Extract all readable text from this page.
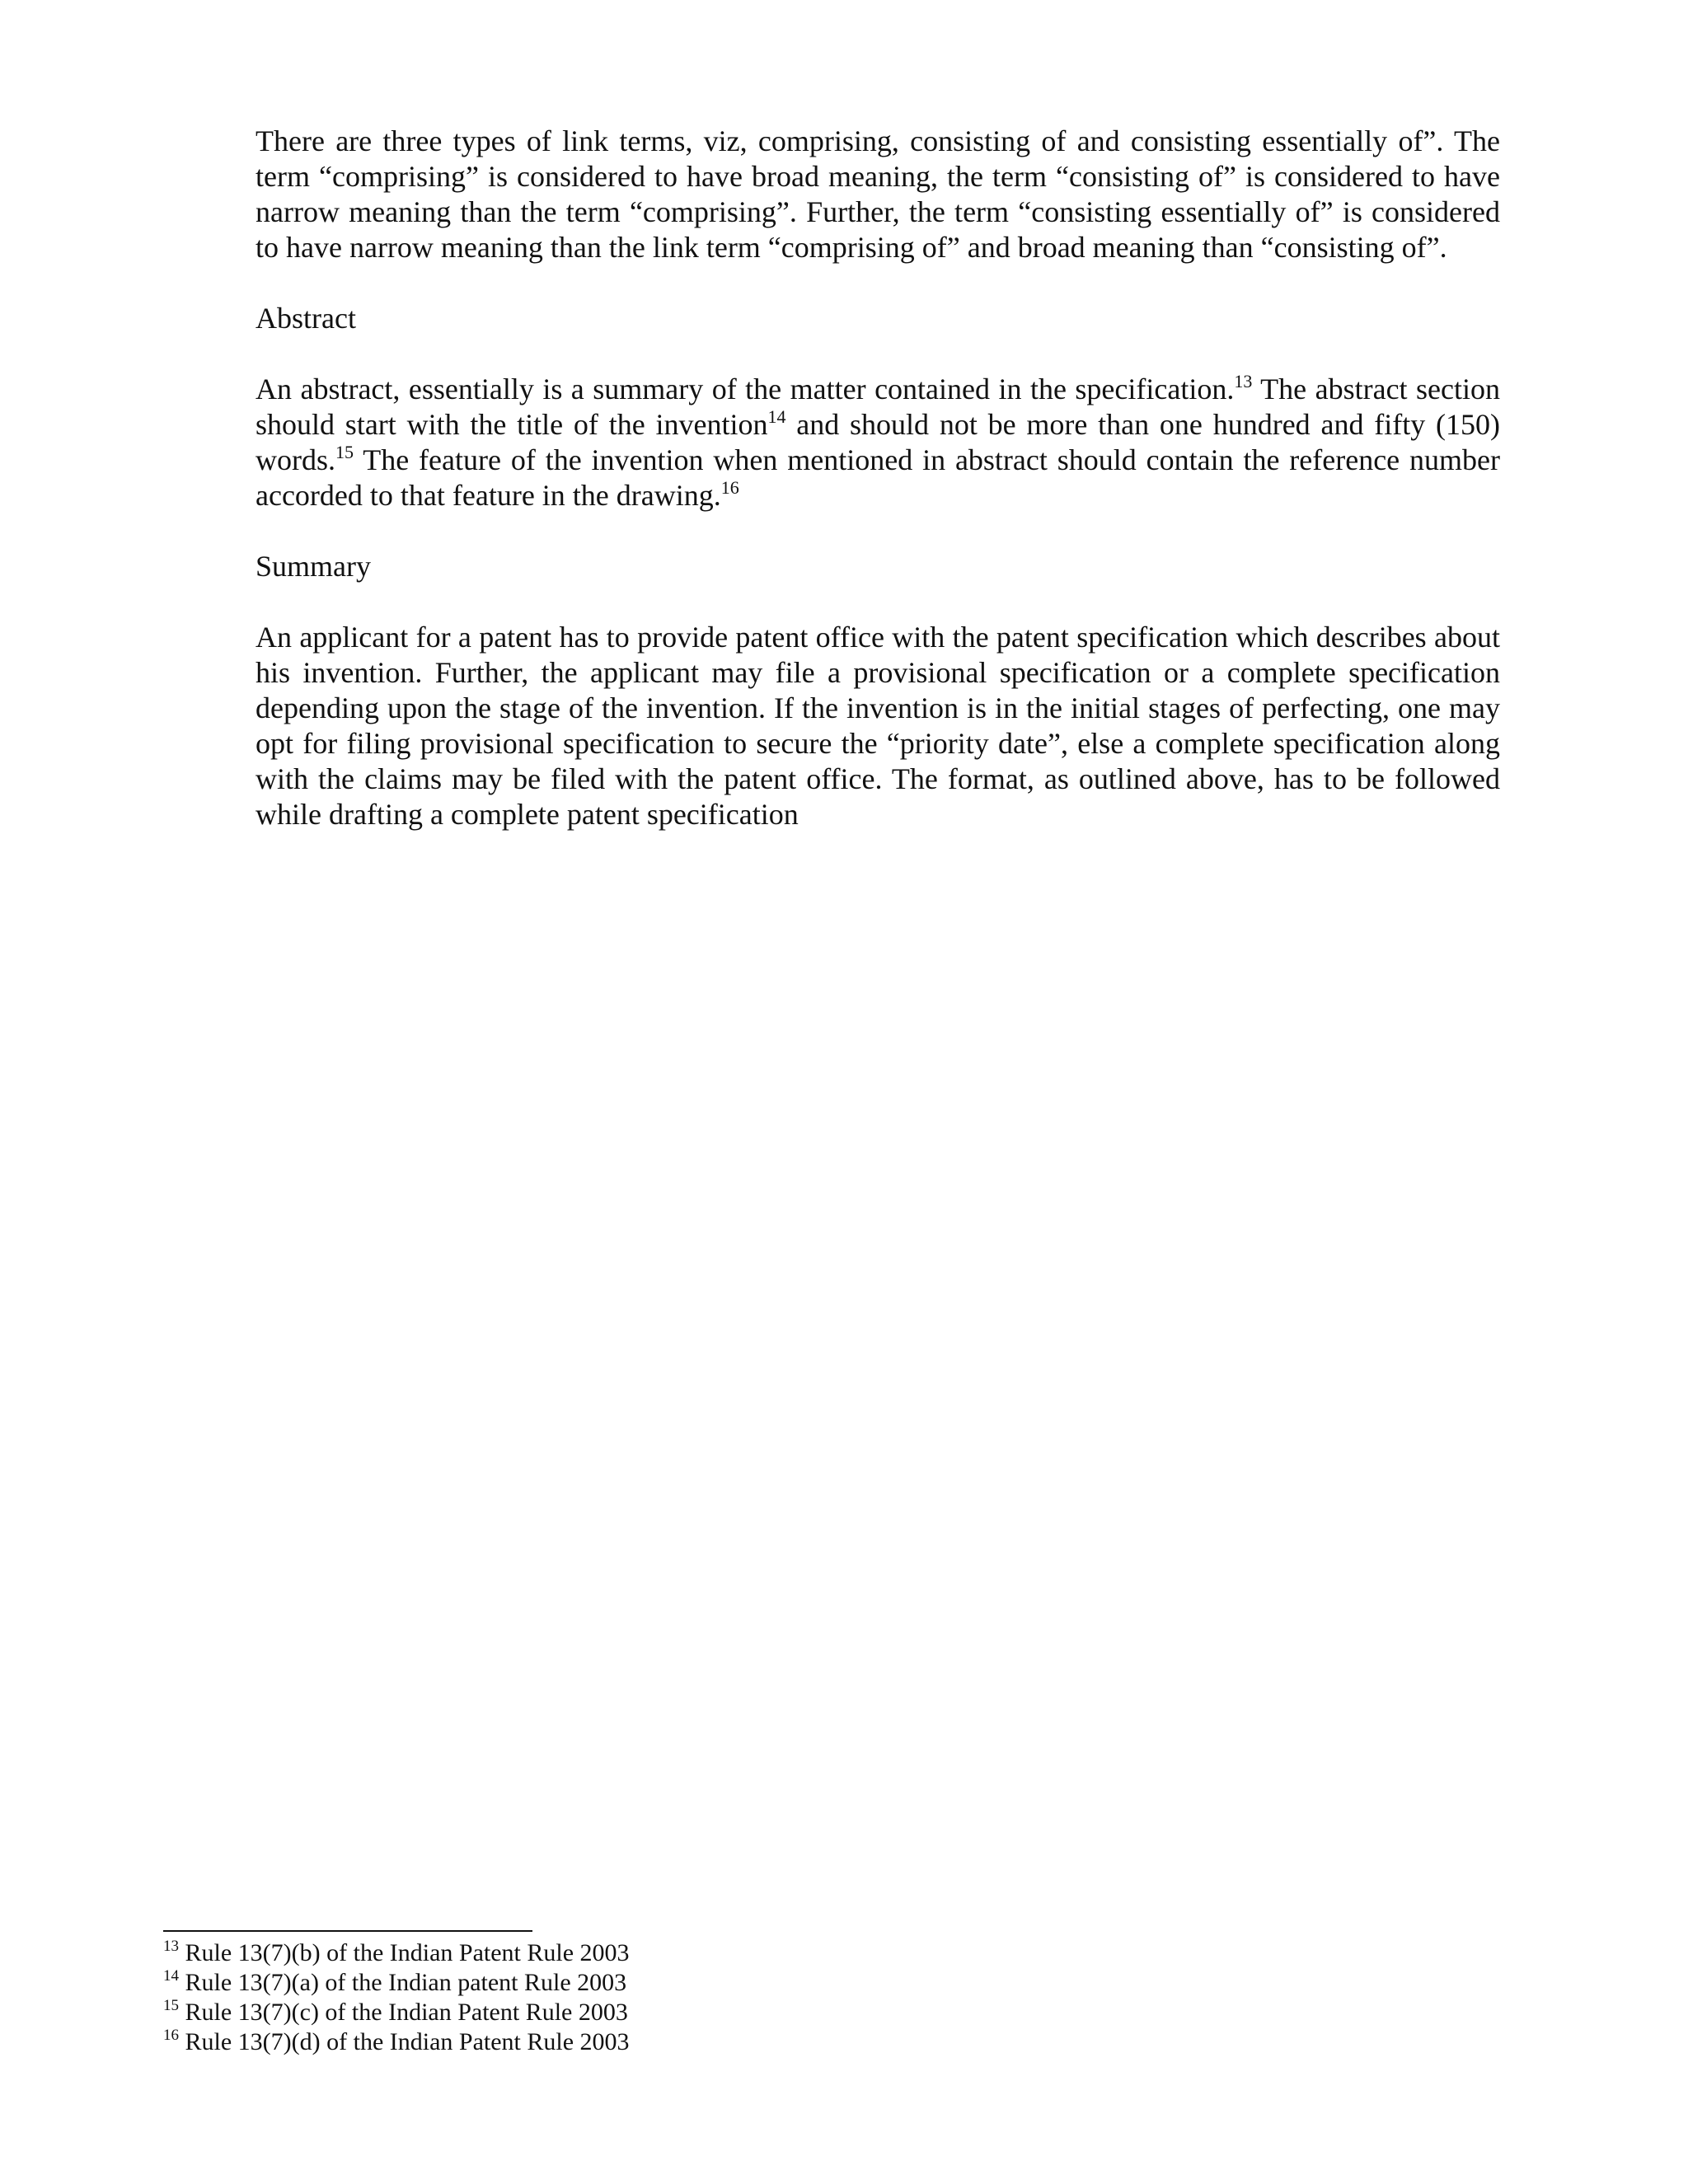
There are three types of link terms, viz, comprising, consisting of and consisting essentially of”. The term “comprising” is considered to have broad meaning, the term “consisting of” is considered to have narrow meaning than the term “comprising”. Further, the term “consisting essentially of” is considered to have narrow meaning than the link term “comprising of” and broad meaning than “consisting of”.

Abstract

An abstract, essentially is a summary of the matter contained in the specification.$^{13}$ The abstract section should start with the title of the invention$^{14}$ and should not be more than one hundred and fifty (150) words.$^{15}$ The feature of the invention when mentioned in abstract should contain the reference number accorded to that feature in the drawing.$^{16}$

Summary

An applicant for a patent has to provide patent office with the patent specification which describes about his invention. Further, the applicant may file a provisional specification or a complete specification depending upon the stage of the invention. If the invention is in the initial stages of perfecting, one may opt for filing provisional specification to secure the “priority date”, else a complete specification along with the claims may be filed with the patent office. The format, as outlined above, has to be followed while drafting a complete patent specification

$^{13}$ Rule 13(7)(b) of the Indian Patent Rule 2003

$^{14}$ Rule 13(7)(a) of the Indian patent Rule 2003

$^{15}$ Rule 13(7)(c) of the Indian Patent Rule 2003

$^{16}$ Rule 13(7)(d) of the Indian Patent Rule 2003
